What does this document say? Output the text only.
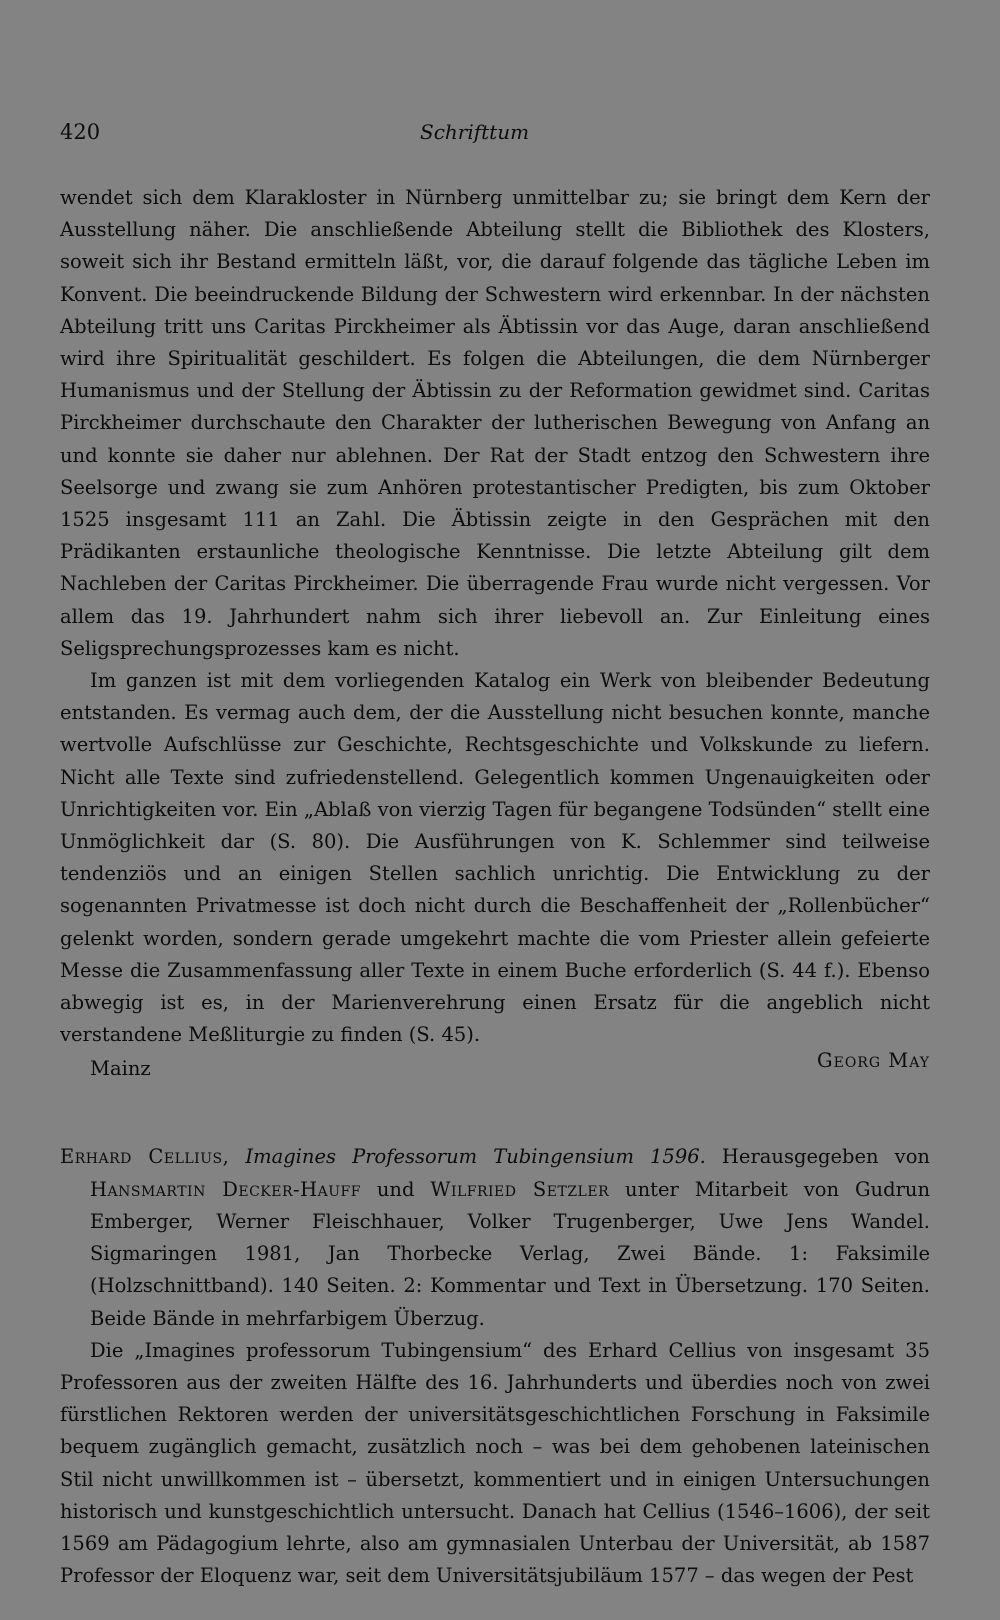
420	Schrifttum

wendet sich dem Klarakloster in Nürnberg unmittelbar zu; sie bringt dem Kern der Ausstellung näher. Die anschließende Abteilung stellt die Bibliothek des Klosters, soweit sich ihr Bestand ermitteln läßt, vor, die darauf folgende das tägliche Leben im Konvent. Die beeindruckende Bildung der Schwestern wird erkennbar. In der nächsten Abteilung tritt uns Caritas Pirckheimer als Äbtissin vor das Auge, daran anschließend wird ihre Spiritualität geschildert. Es folgen die Abteilungen, die dem Nürnberger Humanismus und der Stellung der Äbtissin zu der Reformation gewidmet sind. Caritas Pirckheimer durchschaute den Charakter der lutherischen Bewegung von Anfang an und konnte sie daher nur ablehnen. Der Rat der Stadt entzog den Schwestern ihre Seelsorge und zwang sie zum Anhören protestantischer Predigten, bis zum Oktober 1525 insgesamt 111 an Zahl. Die Äbtissin zeigte in den Gesprächen mit den Prädikanten erstaunliche theologische Kenntnisse. Die letzte Abteilung gilt dem Nachleben der Caritas Pirckheimer. Die überragende Frau wurde nicht vergessen. Vor allem das 19. Jahrhundert nahm sich ihrer liebevoll an. Zur Einleitung eines Seligsprechungsprozesses kam es nicht.

Im ganzen ist mit dem vorliegenden Katalog ein Werk von bleibender Bedeutung entstanden. Es vermag auch dem, der die Ausstellung nicht besuchen konnte, manche wertvolle Aufschlüsse zur Geschichte, Rechtsgeschichte und Volkskunde zu liefern. Nicht alle Texte sind zufriedenstellend. Gelegentlich kommen Ungenauigkeiten oder Unrichtigkeiten vor. Ein „Ablaß von vierzig Tagen für begangene Todsünden“ stellt eine Unmöglichkeit dar (S. 80). Die Ausführungen von K. Schlemmer sind teilweise tendenziös und an einigen Stellen sachlich unrichtig. Die Entwicklung zu der sogenannten Privatmesse ist doch nicht durch die Beschaffenheit der „Rollenbücher“ gelenkt worden, sondern gerade umgekehrt machte die vom Priester allein gefeierte Messe die Zusammenfassung aller Texte in einem Buche erforderlich (S. 44 f.). Ebenso abwegig ist es, in der Marienverehrung einen Ersatz für die angeblich nicht verstandene Meßliturgie zu finden (S. 45).

Mainz	Georg May

Erhard Cellius, Imagines Professorum Tubingensium 1596. Herausgegeben von Hansmartin Decker-Hauff und Wilfried Setzler unter Mitarbeit von Gudrun Emberger, Werner Fleischhauer, Volker Trugenberger, Uwe Jens Wandel. Sigmaringen 1981, Jan Thorbecke Verlag, Zwei Bände. 1: Faksimile (Holzschnittband). 140 Seiten. 2: Kommentar und Text in Übersetzung. 170 Seiten. Beide Bände in mehrfarbigem Überzug.

Die „Imagines professorum Tubingensium“ des Erhard Cellius von insgesamt 35 Professoren aus der zweiten Hälfte des 16. Jahrhunderts und überdies noch von zwei fürstlichen Rektoren werden der universitätsgeschichtlichen Forschung in Faksimile bequem zugänglich gemacht, zusätzlich noch – was bei dem gehobenen lateinischen Stil nicht unwillkommen ist – übersetzt, kommentiert und in einigen Untersuchungen historisch und kunstgeschichtlich untersucht. Danach hat Cellius (1546–1606), der seit 1569 am Pädagogium lehrte, also am gymnasialen Unterbau der Universität, ab 1587 Professor der Eloquenz war, seit dem Universitätsjubiläum 1577 – das wegen der Pest
